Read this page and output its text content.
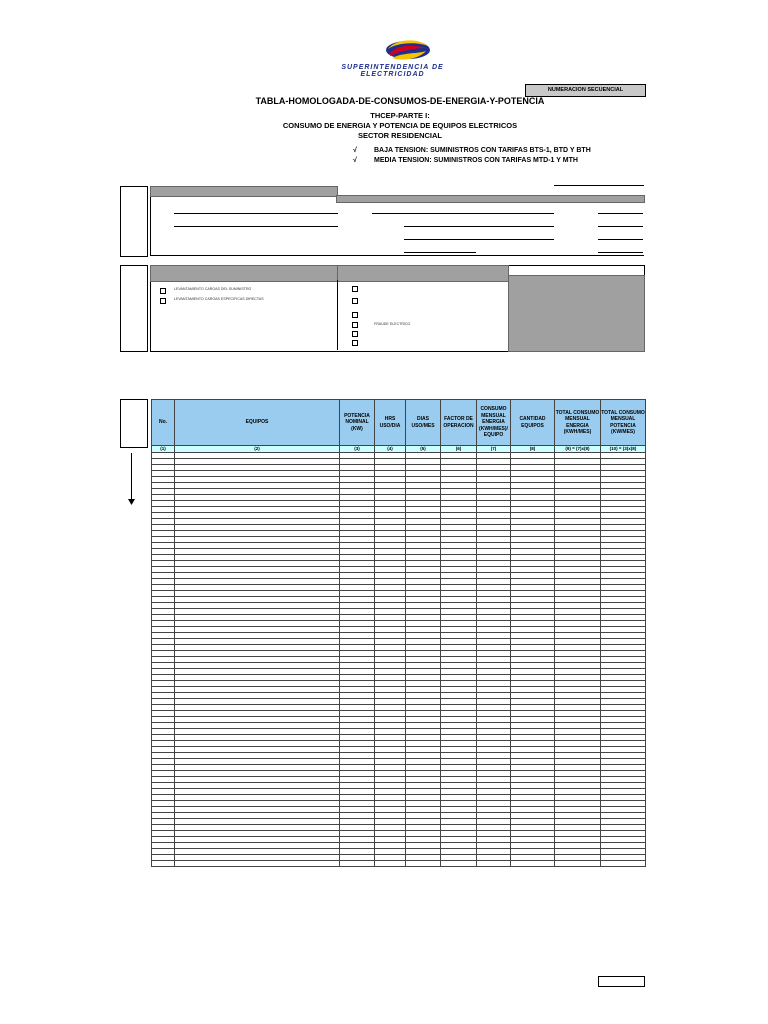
SUPERINTENDENCIA DE ELECTRICIDAD
NUMERACION SECUENCIAL
TABLA-HOMOLOGADA-DE-CONSUMOS-DE-ENERGIA-Y-POTENCIA
THCEP-PARTE I:
CONSUMO DE ENERGIA Y POTENCIA DE EQUIPOS ELECTRICOS
SECTOR RESIDENCIAL
√ BAJA TENSION: SUMINISTROS CON TARIFAS BTS-1, BTD Y BTH
√ MEDIA TENSION: SUMINISTROS CON TARIFAS MTD-1 Y MTH
LEVANTAMIENTO CARGAS DEL SUMINISTRO
LEVANTAMIENTO CARGAS ESPECIFICAS DIRECTAS
FRAUDE ELECTRICO
No.	EQUIPOS	POTENCIA NOMINAL (KW)	HRS USO/DIA	DIAS USO/MES	FACTOR DE OPERACION	CONSUMO MENSUAL ENERGIA (KWH/MES)/ EQUIPO	CANTIDAD EQUIPOS	TOTAL CONSUMO MENSUAL ENERGIA (KWH/MES)	TOTAL CONSUMO MENSUAL POTENCIA (KW/MES)
(1)	(2)	(3)	(4)	(5)	(6)	(7)	(8)	(9) = (7)x(8)	(10) = (3)x(8)
